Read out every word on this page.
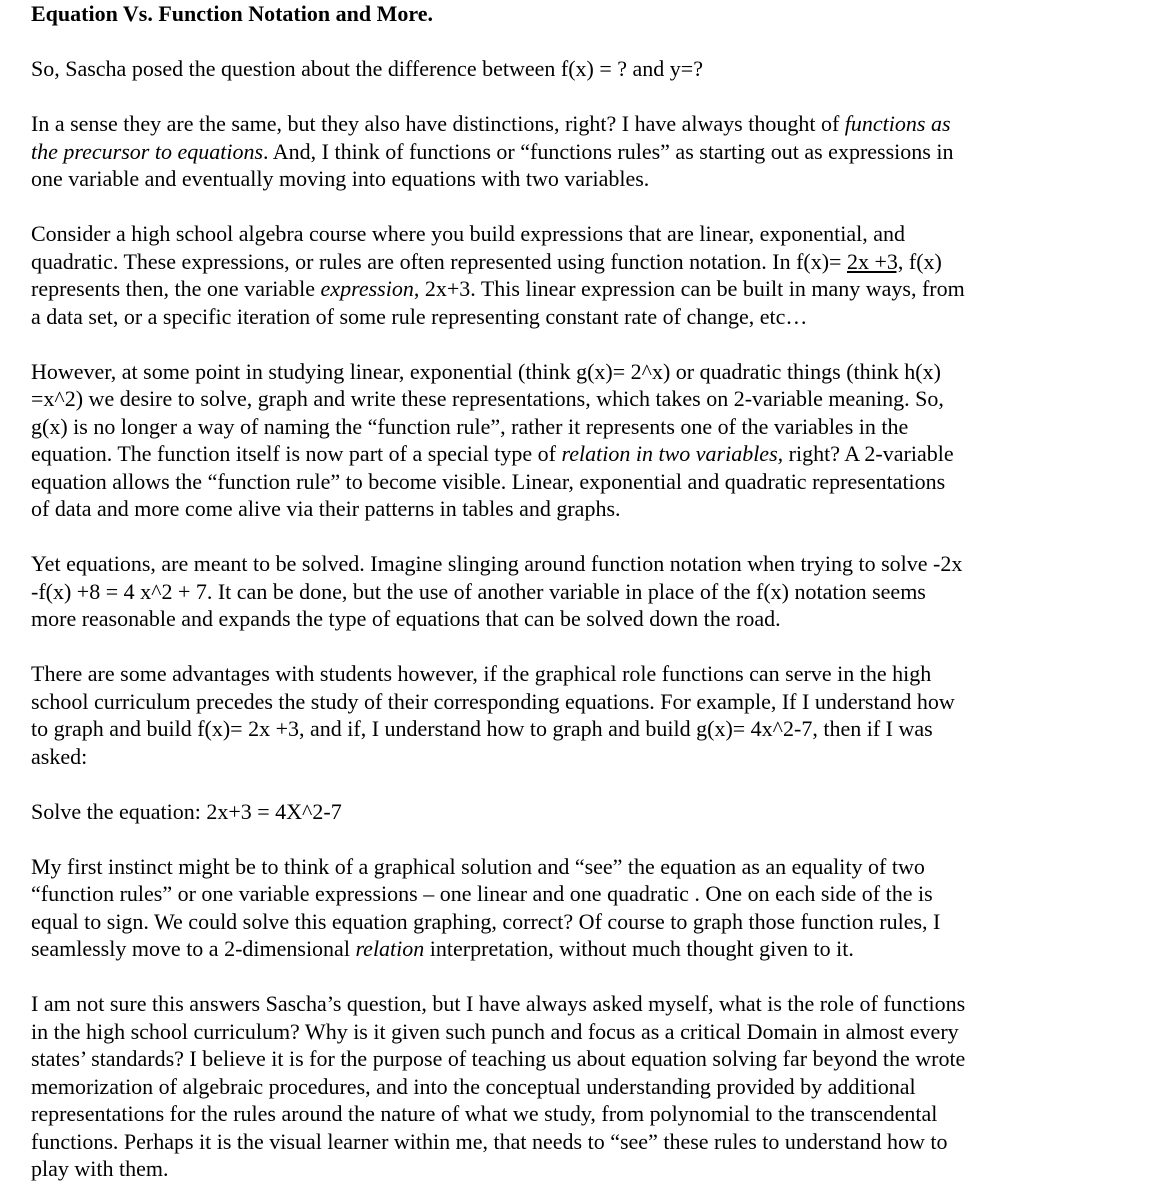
Equation Vs. Function Notation and More.
So, Sascha posed the question about the difference between f(x) = ? and y=?
In a sense they are the same, but they also have distinctions, right? I have always thought of functions as
the precursor to equations. And, I think of functions or “functions rules” as starting out as expressions in
one variable and eventually moving into equations with two variables.
Consider a high school algebra course where you build expressions that are linear, exponential, and
quadratic. These expressions, or rules are often represented using function notation. In f(x)= 2x +3, f(x)
represents then, the one variable expression, 2x+3. This linear expression can be built in many ways, from
a data set, or a specific iteration of some rule representing constant rate of change, etc…
However, at some point in studying linear, exponential (think g(x)= 2^x) or quadratic things (think h(x)
=x^2) we desire to solve, graph and write these representations, which takes on 2-variable meaning. So,
g(x) is no longer a way of naming the “function rule”, rather it represents one of the variables in the
equation. The function itself is now part of a special type of relation in two variables, right? A 2-variable
equation allows the “function rule” to become visible. Linear, exponential and quadratic representations
of data and more come alive via their patterns in tables and graphs.
Yet equations, are meant to be solved. Imagine slinging around function notation when trying to solve -2x
-f(x) +8 = 4 x^2 + 7. It can be done, but the use of another variable in place of the f(x) notation seems
more reasonable and expands the type of equations that can be solved down the road.
There are some advantages with students however, if the graphical role functions can serve in the high
school curriculum precedes the study of their corresponding equations. For example, If I understand how
to graph and build f(x)= 2x +3, and if, I understand how to graph and build g(x)= 4x^2-7, then if I was
asked:
Solve the equation: 2x+3 = 4X^2-7
My first instinct might be to think of a graphical solution and “see” the equation as an equality of two
“function rules” or one variable expressions – one linear and one quadratic . One on each side of the is
equal to sign. We could solve this equation graphing, correct? Of course to graph those function rules, I
seamlessly move to a 2-dimensional relation interpretation, without much thought given to it.
I am not sure this answers Sascha’s question, but I have always asked myself, what is the role of functions
in the high school curriculum? Why is it given such punch and focus as a critical Domain in almost every
states’ standards? I believe it is for the purpose of teaching us about equation solving far beyond the wrote
memorization of algebraic procedures, and into the conceptual understanding provided by additional
representations for the rules around the nature of what we study, from polynomial to the transcendental
functions. Perhaps it is the visual learner within me, that needs to “see” these rules to understand how to
play with them.
